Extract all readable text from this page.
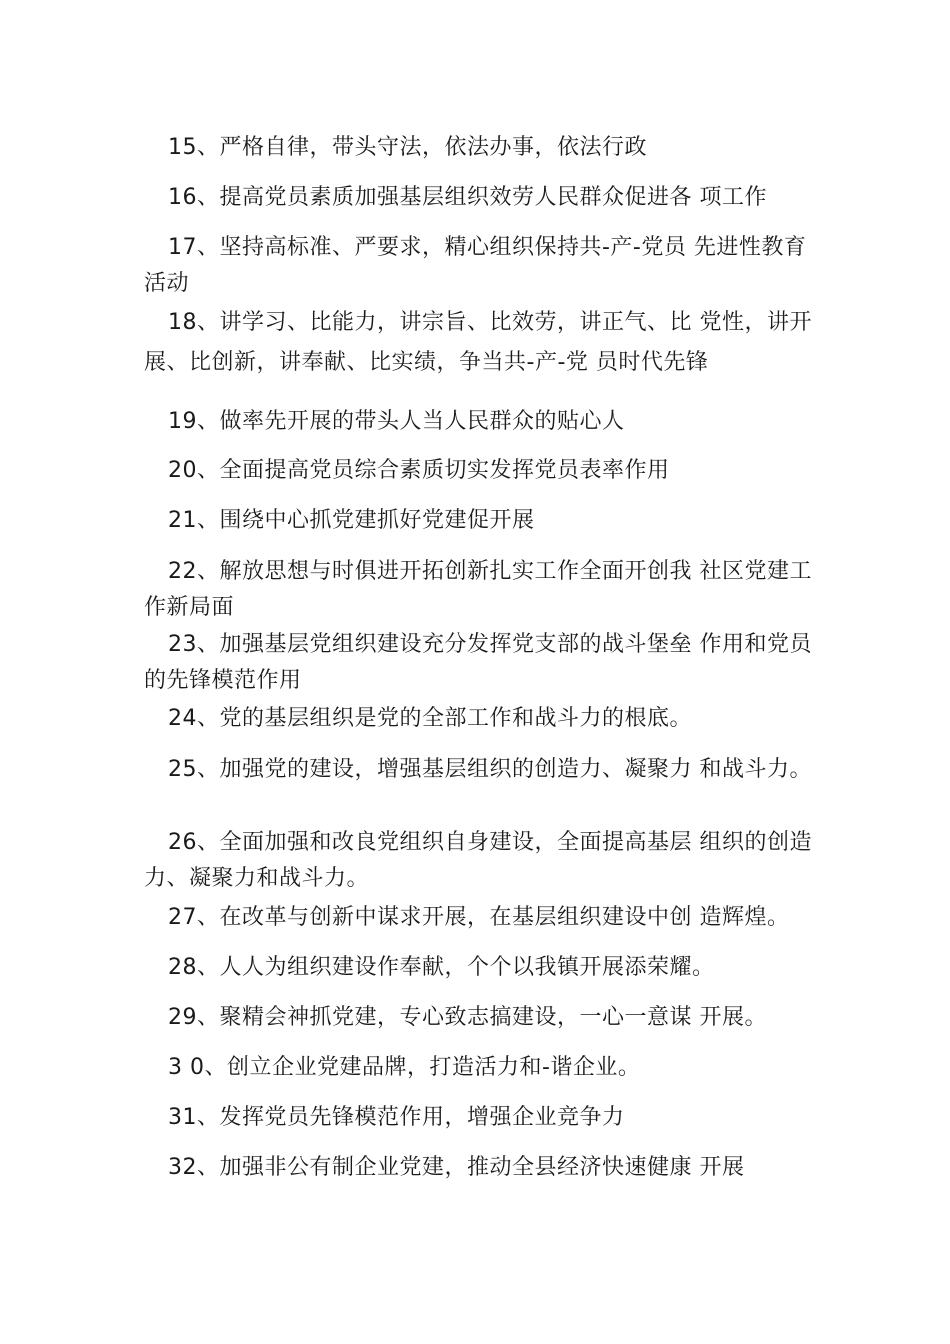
15、严格自律，带头守法，依法办事，依法行政

16、提高党员素质加强基层组织效劳人民群众促进各 项工作

17、坚持高标准、严要求，精心组织保持共-产-党员 先进性教育活动

18、讲学习、比能力，讲宗旨、比效劳，讲正气、比 党性，讲开展、比创新，讲奉献、比实绩，争当共-产-党 员时代先锋

19、做率先开展的带头人当人民群众的贴心人

20、全面提高党员综合素质切实发挥党员表率作用

21、围绕中心抓党建抓好党建促开展

22、解放思想与时俱进开拓创新扎实工作全面开创我 社区党建工作新局面

23、加强基层党组织建设充分发挥党支部的战斗堡垒 作用和党员的先锋模范作用

24、党的基层组织是党的全部工作和战斗力的根底。

25、加强党的建设，增强基层组织的创造力、凝聚力 和战斗力。

26、全面加强和改良党组织自身建设，全面提高基层 组织的创造力、凝聚力和战斗力。

27、在改革与创新中谋求开展，在基层组织建设中创 造辉煌。

28、人人为组织建设作奉献，个个以我镇开展添荣耀。

29、聚精会神抓党建，专心致志搞建设，一心一意谋 开展。

3 0、创立企业党建品牌，打造活力和-谐企业。

31、发挥党员先锋模范作用，增强企业竞争力

32、加强非公有制企业党建，推动全县经济快速健康 开展
